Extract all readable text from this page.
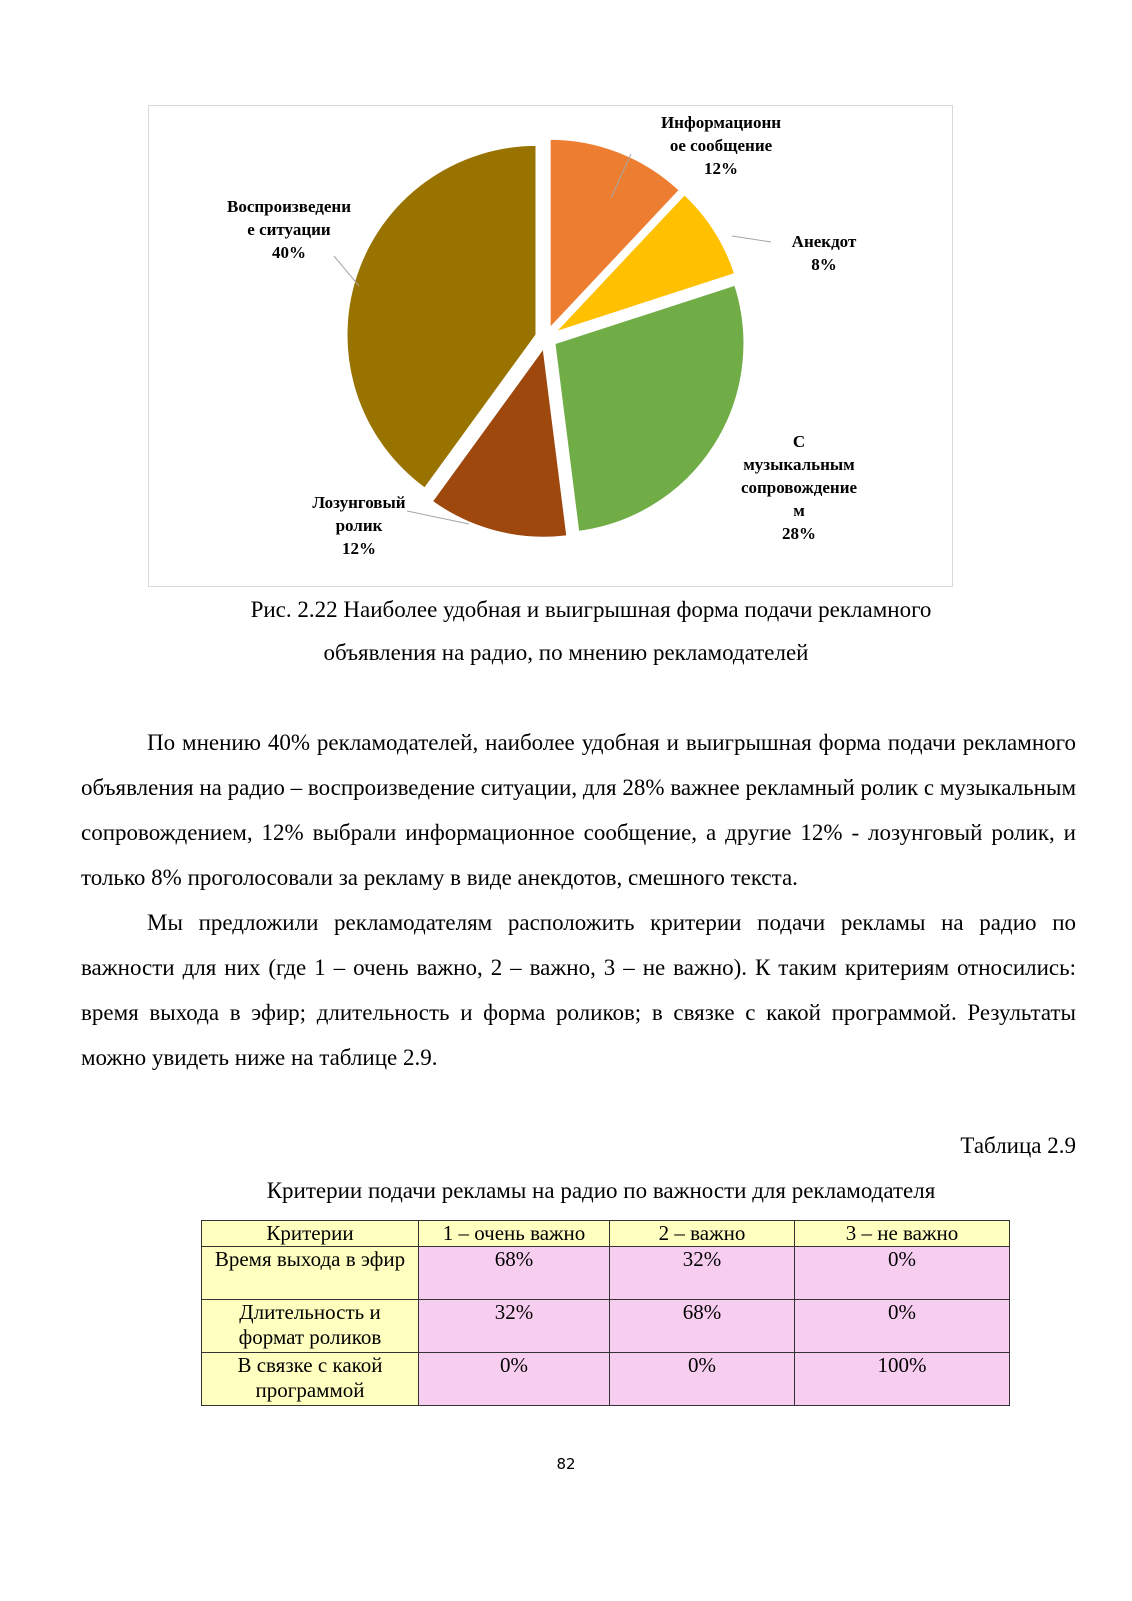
Информационн ое сообщение 12%
Анекдот 8%
С музыкальным сопровождение м 28%
Лозунговый ролик 12%
Воспроизведени е ситуации 40%
Рис. 2.22 Наиболее удобная и выигрышная форма подачи рекламного
объявления на радио, по мнению рекламодателей

По мнению 40% рекламодателей, наиболее удобная и выигрышная форма подачи рекламного объявления на радио – воспроизведение ситуации, для 28% важнее рекламный ролик с музыкальным сопровождением, 12% выбрали информационное сообщение, а другие 12% - лозунговый ролик, и только 8% проголосовали за рекламу в виде анекдотов, смешного текста.

Мы предложили рекламодателям расположить критерии подачи рекламы на радио по важности для них (где 1 – очень важно, 2 – важно, 3 – не важно). К таким критериям относились: время выхода в эфир; длительность и форма роликов; в связке с какой программой. Результаты можно увидеть ниже на таблице 2.9.

Таблица 2.9
Критерии подачи рекламы на радио по важности для рекламодателя
Критерии	1 – очень важно	2 – важно	3 – не важно
Время выхода в эфир	68%	32%	0%
Длительность и формат роликов	32%	68%	0%
В связке с какой программой	0%	0%	100%
82
